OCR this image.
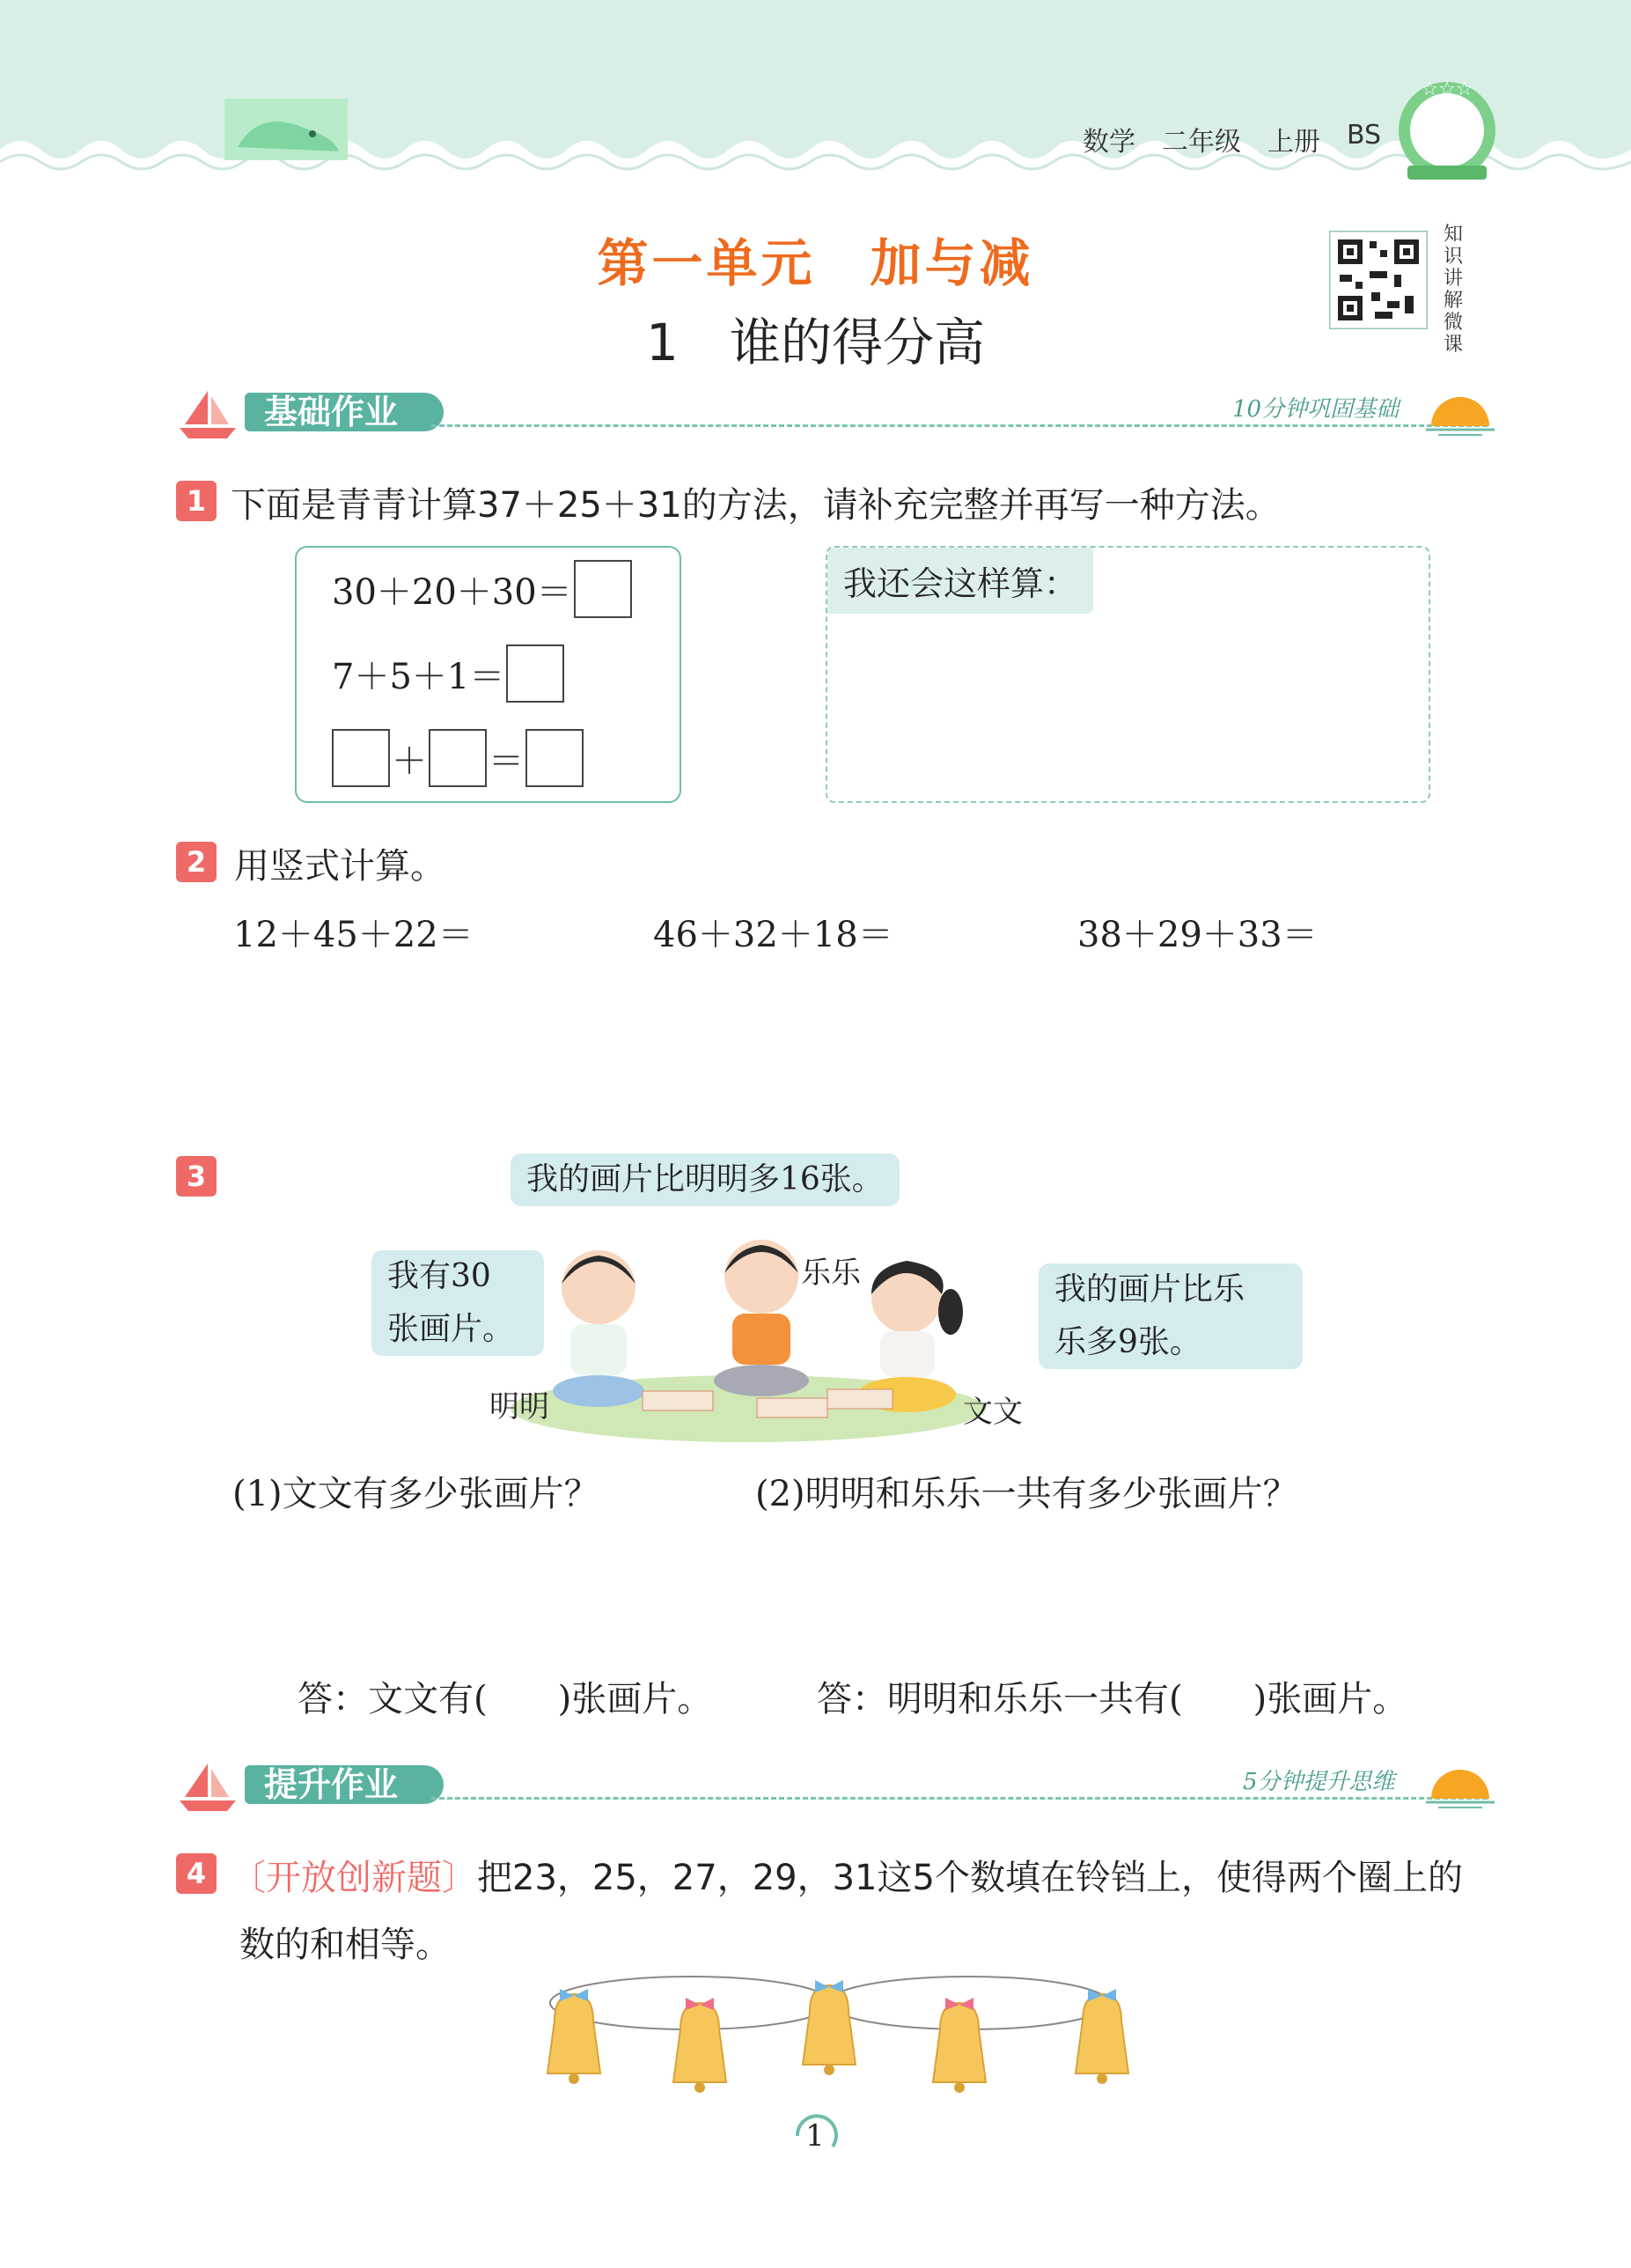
数学 二年级 上册 BS
☆☆☆
第一单元　加与减
1　谁的得分高
知
识
讲
解
微
课
基础作业	10分钟巩固基础
1 下面是青青计算37＋25＋31的方法，请补充完整并再写一种方法。
30＋20＋30＝
7＋5＋1＝
＋ ＝
我还会这样算：
2 用竖式计算。
12＋45＋22＝	46＋32＋18＝	38＋29＋33＝
3	我的画片比明明多16张。
我有30
张画片。
我的画片比乐
乐多9张。
明明
乐乐
文文
(1)文文有多少张画片？	(2)明明和乐乐一共有多少张画片？
答：文文有(　　)张画片。	答：明明和乐乐一共有(　　)张画片。
提升作业	5分钟提升思维
4 〔开放创新题〕把23，25，27，29，31这5个数填在铃铛上，使得两个圈上的
数的和相等。
1
